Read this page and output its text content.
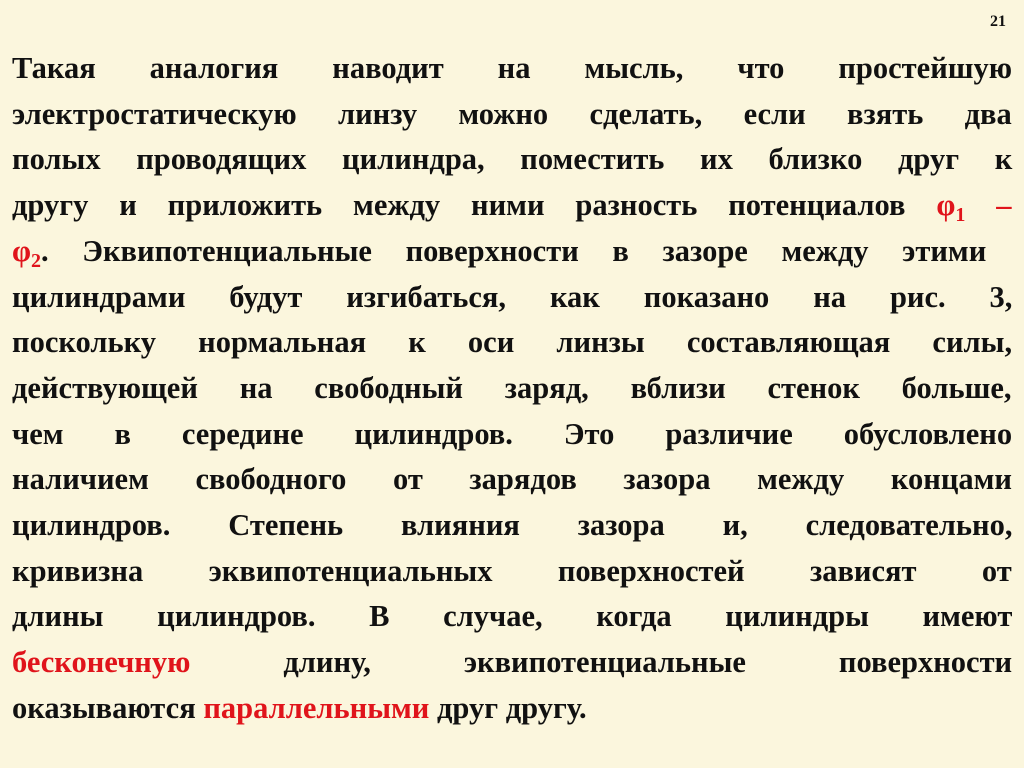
21
Такая аналогия наводит на мысль, что простейшую
электростатическую линзу можно сделать, если взять два
полых проводящих цилиндра, поместить их близко друг к
другу и приложить между ними разность потенциалов $\varphi_1$ –
$\varphi_2$. Эквипотенциальные поверхности в зазоре между этими
цилиндрами будут изгибаться, как показано на рис. 3,
поскольку нормальная к оси линзы составляющая силы,
действующей на свободный заряд, вблизи стенок больше,
чем в середине цилиндров. Это различие обусловлено
наличием свободного от зарядов зазора между концами
цилиндров. Степень влияния зазора и, следовательно,
кривизна эквипотенциальных поверхностей зависят от
длины цилиндров. В случае, когда цилиндры имеют
бесконечную длину, эквипотенциальные поверхности
оказываются параллельными друг другу.
